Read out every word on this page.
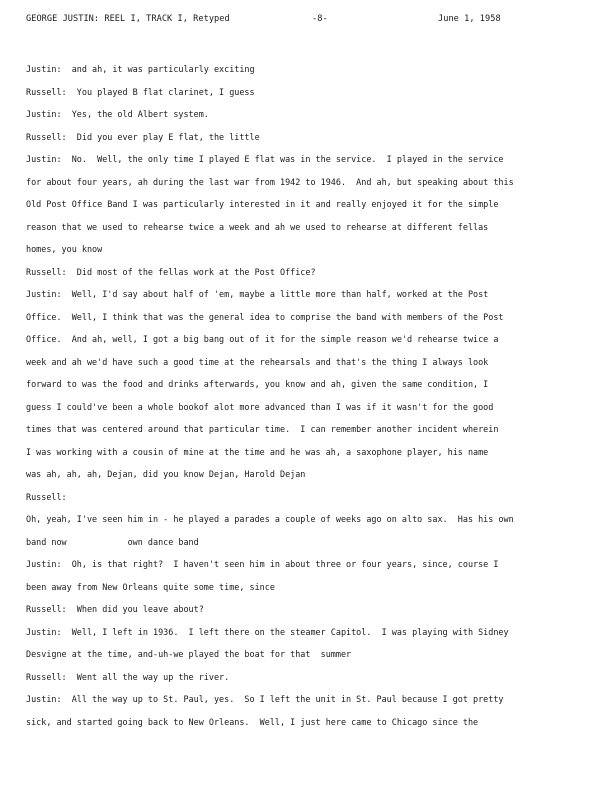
GEORGE JUSTIN: REEL I, TRACK I, Retyped	-8-	June 1, 1958
Justin:  and ah, it was particularly exciting
Russell:  You played B flat clarinet, I guess
Justin:  Yes, the old Albert system.
Russell:  Did you ever play E flat, the little
Justin:  No.  Well, the only time I played E flat was in the service.  I played in the service
for about four years, ah during the last war from 1942 to 1946.  And ah, but speaking about this
Old Post Office Band I was particularly interested in it and really enjoyed it for the simple
reason that we used to rehearse twice a week and ah we used to rehearse at different fellas
homes, you know
Russell:  Did most of the fellas work at the Post Office?
Justin:  Well, I'd say about half of 'em, maybe a little more than half, worked at the Post
Office.  Well, I think that was the general idea to comprise the band with members of the Post
Office.  And ah, well, I got a big bang out of it for the simple reason we'd rehearse twice a
week and ah we'd have such a good time at the rehearsals and that's the thing I always look
forward to was the food and drinks afterwards, you know and ah, given the same condition, I
guess I could've been a whole bookof alot more advanced than I was if it wasn't for the good
times that was centered around that particular time.  I can remember another incident wherein
I was working with a cousin of mine at the time and he was ah, a saxophone player, his name
was ah, ah, ah, Dejan, did you know Dejan, Harold Dejan
Russell:
Oh, yeah, I've seen him in - he played a parades a couple of weeks ago on alto sax.  Has his own
band now            own dance band
Justin:  Oh, is that right?  I haven't seen him in about three or four years, since, course I
been away from New Orleans quite some time, since
Russell:  When did you leave about?
Justin:  Well, I left in 1936.  I left there on the steamer Capitol.  I was playing with Sidney
Desvigne at the time, and-uh-we played the boat for that  summer
Russell:  Went all the way up the river.
Justin:  All the way up to St. Paul, yes.  So I left the unit in St. Paul because I got pretty
sick, and started going back to New Orleans.  Well, I just here came to Chicago since the
